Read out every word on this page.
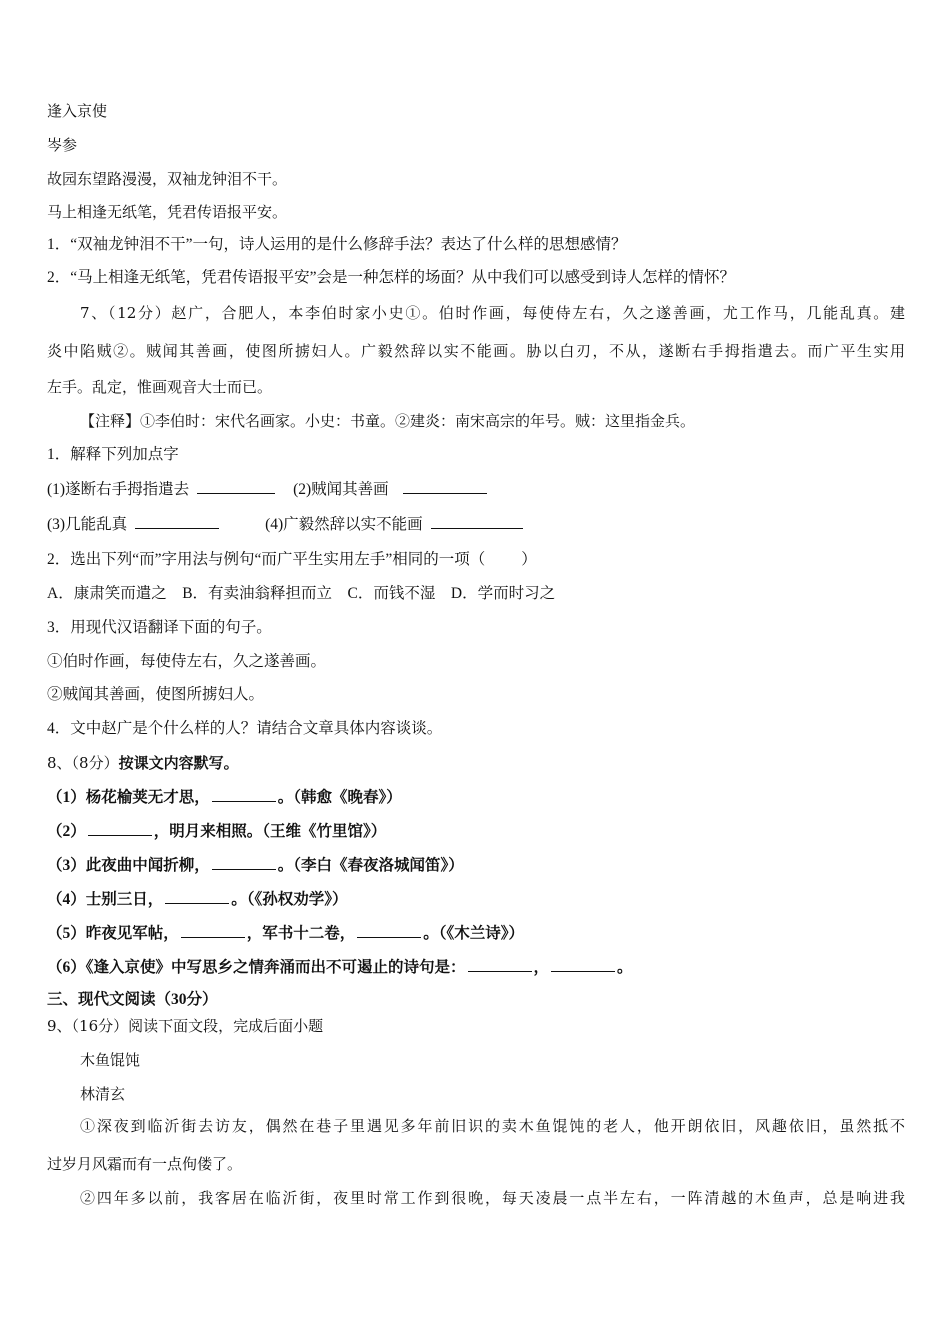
逢入京使
岑参
故园东望路漫漫，双袖龙钟泪不干。
马上相逢无纸笔，凭君传语报平安。
1．“双袖龙钟泪不干”一句，诗人运用的是什么修辞手法？表达了什么样的思想感情？
2．“马上相逢无纸笔，凭君传语报平安”会是一种怎样的场面？从中我们可以感受到诗人怎样的情怀？
7、（12分）赵广，合肥人，本李伯时家小史①。伯时作画，每使侍左右，久之遂善画，尤工作马，几能乱真。建
炎中陷贼②。贼闻其善画，使图所掳妇人。广毅然辞以实不能画。胁以白刃，不从，遂断右手拇指遣去。而广平生实用
左手。乱定，惟画观音大士而已。
【注释】①李伯时：宋代名画家。小史：书童。②建炎：南宋高宗的年号。贼：这里指金兵。
1．解释下列加点字
(1)遂断右手拇指遣去	(2)贼闻其善画
(3)几能乱真	(4)广毅然辞以实不能画
2．选出下列“而”字用法与例句“而广平生实用左手”相同的一项（ ）
A．康肃笑而遣之　B．有卖油翁释担而立　C．而钱不湿　D．学而时习之
3．用现代汉语翻译下面的句子。
①伯时作画，每使侍左右，久之遂善画。
②贼闻其善画，使图所掳妇人。
4．文中赵广是个什么样的人？请结合文章具体内容谈谈。
8、（8分）按课文内容默写。
（1）杨花榆荚无才思，	。（韩愈《晚春》）
（2）	，明月来相照。（王维《竹里馆》）
（3）此夜曲中闻折柳，	。（李白《春夜洛城闻笛》）
（4）士别三日，	。（《孙权劝学》）
（5）昨夜见军帖，	，军书十二卷，	。（《木兰诗》）
（6）《逢入京使》中写思乡之情奔涌而出不可遏止的诗句是：	，	。
三、现代文阅读（30分）
9、（16分）阅读下面文段，完成后面小题
木鱼馄饨
林清玄
①深夜到临沂街去访友，偶然在巷子里遇见多年前旧识的卖木鱼馄饨的老人，他开朗依旧，风趣依旧，虽然抵不
过岁月风霜而有一点佝偻了。
②四年多以前，我客居在临沂街，夜里时常工作到很晚，每天凌晨一点半左右，一阵清越的木鱼声，总是响进我
